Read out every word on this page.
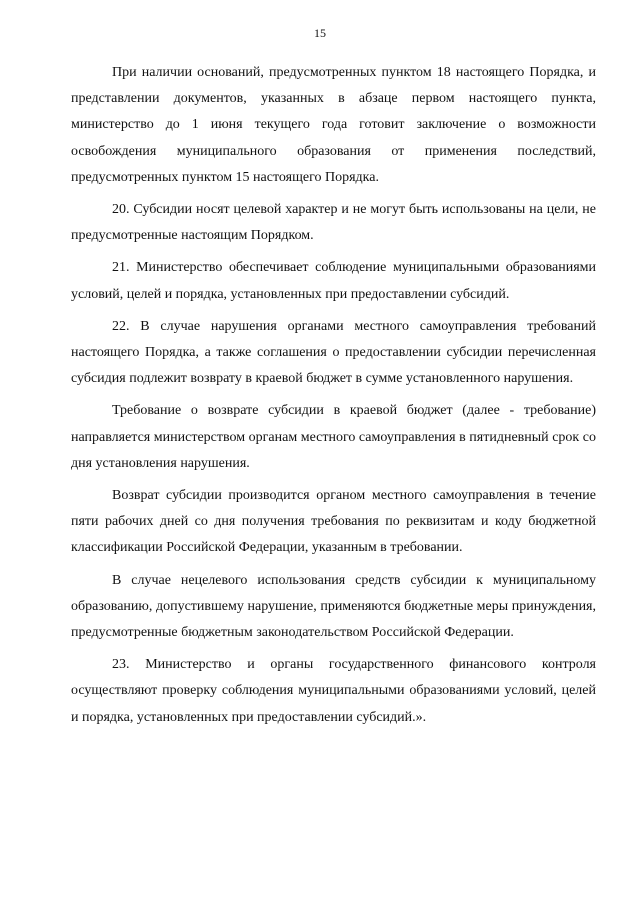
15

При наличии оснований, предусмотренных пунктом 18 настоящего Порядка, и представлении документов, указанных в абзаце первом настоящего пункта, министерство до 1 июня текущего года готовит заключение о возможности освобождения муниципального образования от применения последствий, предусмотренных пунктом 15 настоящего Порядка.

20. Субсидии носят целевой характер и не могут быть использованы на цели, не предусмотренные настоящим Порядком.

21. Министерство обеспечивает соблюдение муниципальными образованиями условий, целей и порядка, установленных при предоставлении субсидий.

22. В случае нарушения органами местного самоуправления требований настоящего Порядка, а также соглашения о предоставлении субсидии перечисленная субсидия подлежит возврату в краевой бюджет в сумме установленного нарушения.

Требование о возврате субсидии в краевой бюджет (далее - требование) направляется министерством органам местного самоуправления в пятидневный срок со дня установления нарушения.

Возврат субсидии производится органом местного самоуправления в течение пяти рабочих дней со дня получения требования по реквизитам и коду бюджетной классификации Российской Федерации, указанным в требовании.

В случае нецелевого использования средств субсидии к муниципальному образованию, допустившему нарушение, применяются бюджетные меры принуждения, предусмотренные бюджетным законодательством Российской Федерации.

23. Министерство и органы государственного финансового контроля осуществляют проверку соблюдения муниципальными образованиями условий, целей и порядка, установленных при предоставлении субсидий.».
